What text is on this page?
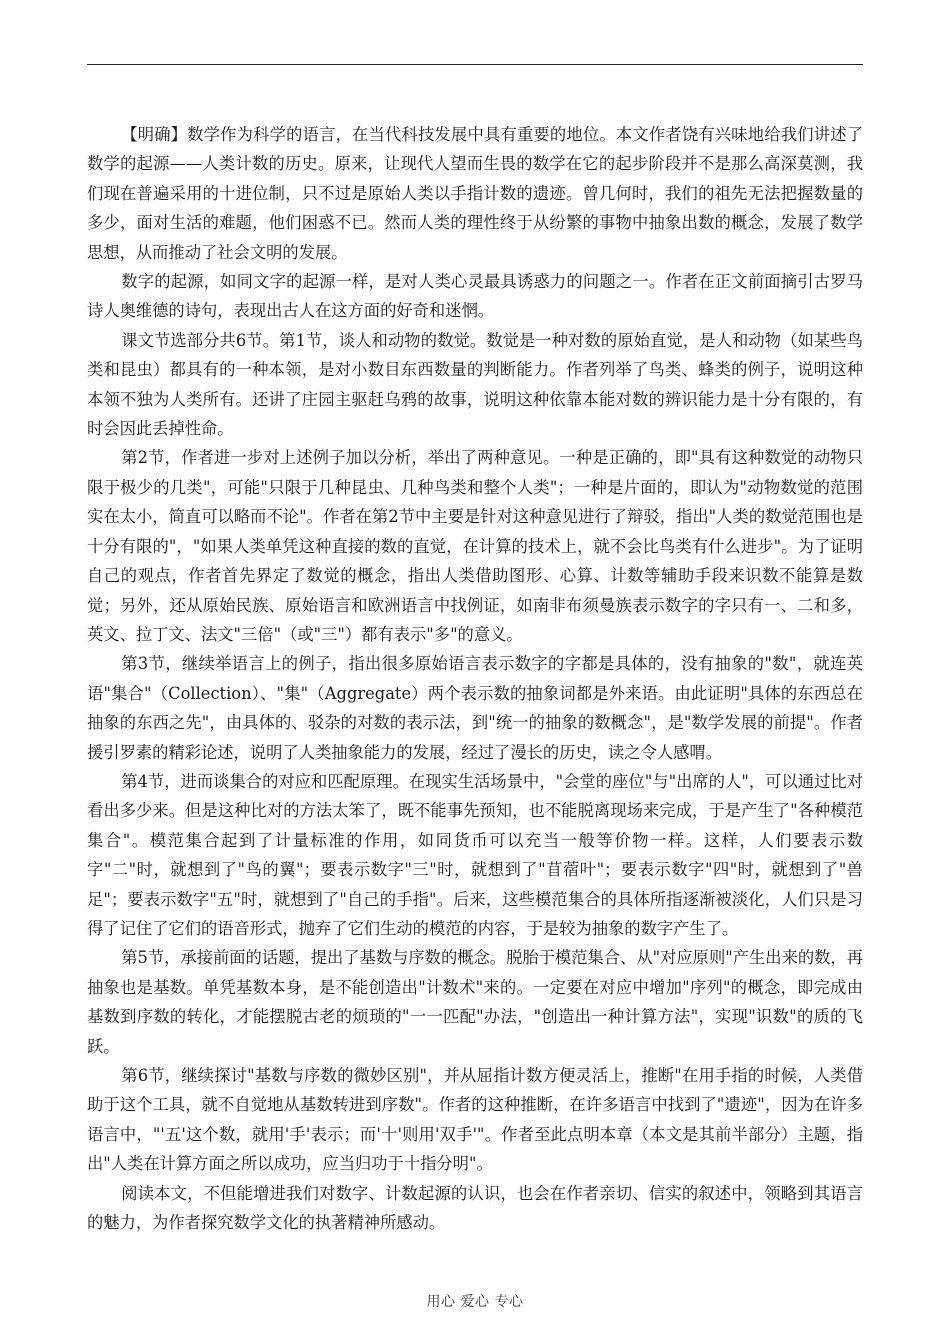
【明确】数学作为科学的语言，在当代科技发展中具有重要的地位。本文作者饶有兴味地给我们讲述了数学的起源——人类计数的历史。原来，让现代人望而生畏的数学在它的起步阶段并不是那么高深莫测，我们现在普遍采用的十进位制，只不过是原始人类以手指计数的遗迹。曾几何时，我们的祖先无法把握数量的多少，面对生活的难题，他们困惑不已。然而人类的理性终于从纷繁的事物中抽象出数的概念，发展了数学思想，从而推动了社会文明的发展。

数字的起源，如同文字的起源一样，是对人类心灵最具诱惑力的问题之一。作者在正文前面摘引古罗马诗人奥维德的诗句，表现出古人在这方面的好奇和迷惘。

课文节选部分共6节。第1节，谈人和动物的数觉。数觉是一种对数的原始直觉，是人和动物（如某些鸟类和昆虫）都具有的一种本领，是对小数目东西数量的判断能力。作者列举了鸟类、蜂类的例子，说明这种本领不独为人类所有。还讲了庄园主驱赶乌鸦的故事，说明这种依靠本能对数的辨识能力是十分有限的，有时会因此丢掉性命。

第2节，作者进一步对上述例子加以分析，举出了两种意见。一种是正确的，即"具有这种数觉的动物只限于极少的几类"，可能"只限于几种昆虫、几种鸟类和整个人类"；一种是片面的，即认为"动物数觉的范围实在太小，简直可以略而不论"。作者在第2节中主要是针对这种意见进行了辩驳，指出"人类的数觉范围也是十分有限的"，"如果人类单凭这种直接的数的直觉，在计算的技术上，就不会比鸟类有什么进步"。为了证明自己的观点，作者首先界定了数觉的概念，指出人类借助图形、心算、计数等辅助手段来识数不能算是数觉；另外，还从原始民族、原始语言和欧洲语言中找例证，如南非布须曼族表示数字的字只有一、二和多，英文、拉丁文、法文"三倍"（或"三"）都有表示"多"的意义。

第3节，继续举语言上的例子，指出很多原始语言表示数字的字都是具体的，没有抽象的"数"，就连英语"集合"（Collection）、"集"（Aggregate）两个表示数的抽象词都是外来语。由此证明"具体的东西总在抽象的东西之先"，由具体的、驳杂的对数的表示法，到"统一的抽象的数概念"，是"数学发展的前提"。作者援引罗素的精彩论述，说明了人类抽象能力的发展，经过了漫长的历史，读之令人感喟。

第4节，进而谈集合的对应和匹配原理。在现实生活场景中，"会堂的座位"与"出席的人"，可以通过比对看出多少来。但是这种比对的方法太笨了，既不能事先预知，也不能脱离现场来完成，于是产生了"各种模范集合"。模范集合起到了计量标准的作用，如同货币可以充当一般等价物一样。这样，人们要表示数字"二"时，就想到了"鸟的翼"；要表示数字"三"时，就想到了"苜蓿叶"；要表示数字"四"时，就想到了"兽足"；要表示数字"五"时，就想到了"自己的手指"。后来，这些模范集合的具体所指逐渐被淡化，人们只是习得了记住了它们的语音形式，抛弃了它们生动的模范的内容，于是较为抽象的数字产生了。

第5节，承接前面的话题，提出了基数与序数的概念。脱胎于模范集合、从"对应原则"产生出来的数，再抽象也是基数。单凭基数本身，是不能创造出"计数术"来的。一定要在对应中增加"序列"的概念，即完成由基数到序数的转化，才能摆脱古老的烦琐的"一一匹配"办法，"创造出一种计算方法"，实现"识数"的质的飞跃。

第6节，继续探讨"基数与序数的微妙区别"，并从屈指计数方便灵活上，推断"在用手指的时候，人类借助于这个工具，就不自觉地从基数转进到序数"。作者的这种推断，在许多语言中找到了"遗迹"，因为在许多语言中，"'五'这个数，就用'手'表示；而'十'则用'双手'"。作者至此点明本章（本文是其前半部分）主题，指出"人类在计算方面之所以成功，应当归功于十指分明"。

阅读本文，不但能增进我们对数字、计数起源的认识，也会在作者亲切、信实的叙述中，领略到其语言的魅力，为作者探究数学文化的执著精神所感动。

用心 爱心 专心
